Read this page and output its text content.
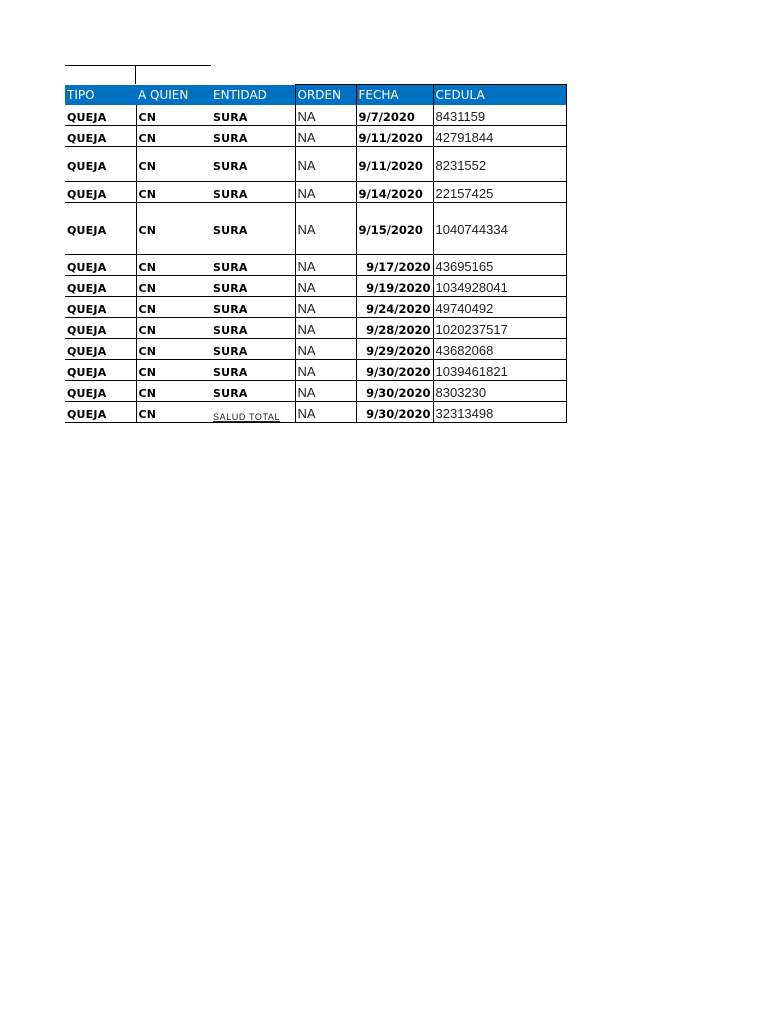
TIPO	A QUIEN	ENTIDAD	ORDEN	FECHA	CEDULA
QUEJA	CN	SURA	NA	9/7/2020	8431159
QUEJA	CN	SURA	NA	9/11/2020	42791844
QUEJA	CN	SURA	NA	9/11/2020	8231552
QUEJA	CN	SURA	NA	9/14/2020	22157425
QUEJA	CN	SURA	NA	9/15/2020	1040744334
QUEJA	CN	SURA	NA	9/17/2020	43695165
QUEJA	CN	SURA	NA	9/19/2020	1034928041
QUEJA	CN	SURA	NA	9/24/2020	49740492
QUEJA	CN	SURA	NA	9/28/2020	1020237517
QUEJA	CN	SURA	NA	9/29/2020	43682068
QUEJA	CN	SURA	NA	9/30/2020	1039461821
QUEJA	CN	SURA	NA	9/30/2020	8303230
QUEJA	CN	SALUD TOTAL	NA	9/30/2020	32313498
